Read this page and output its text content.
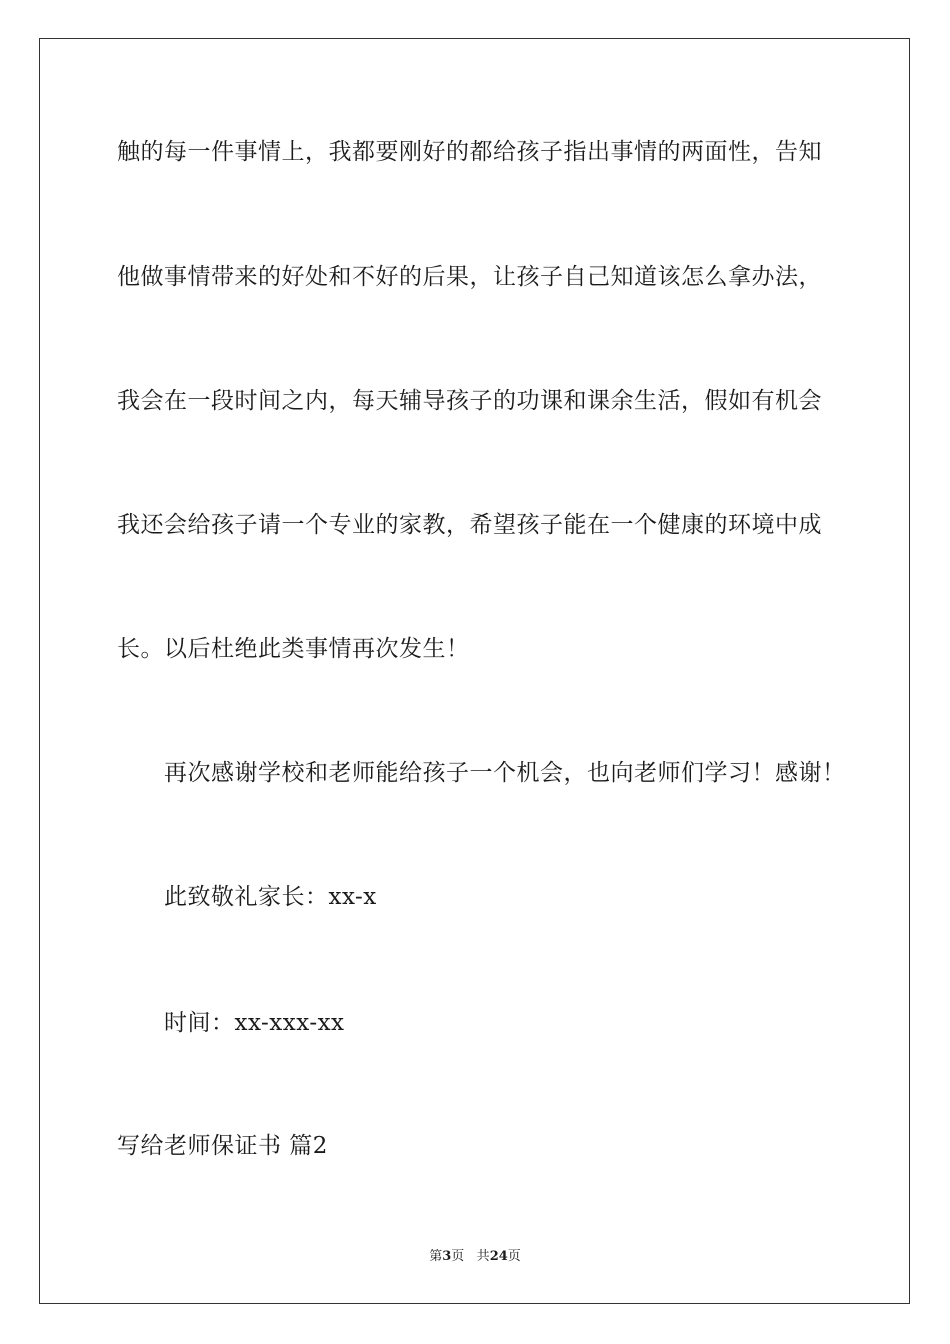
触的每一件事情上，我都要刚好的都给孩子指出事情的两面性，告知
他做事情带来的好处和不好的后果，让孩子自己知道该怎么拿办法，
我会在一段时间之内，每天辅导孩子的功课和课余生活，假如有机会
我还会给孩子请一个专业的家教，希望孩子能在一个健康的环境中成
长。以后杜绝此类事情再次发生！
再次感谢学校和老师能给孩子一个机会，也向老师们学习！感谢！
此致敬礼家长：xx-x
时间：xx-xxx-xx
写给老师保证书 篇2
第3页 共24页
